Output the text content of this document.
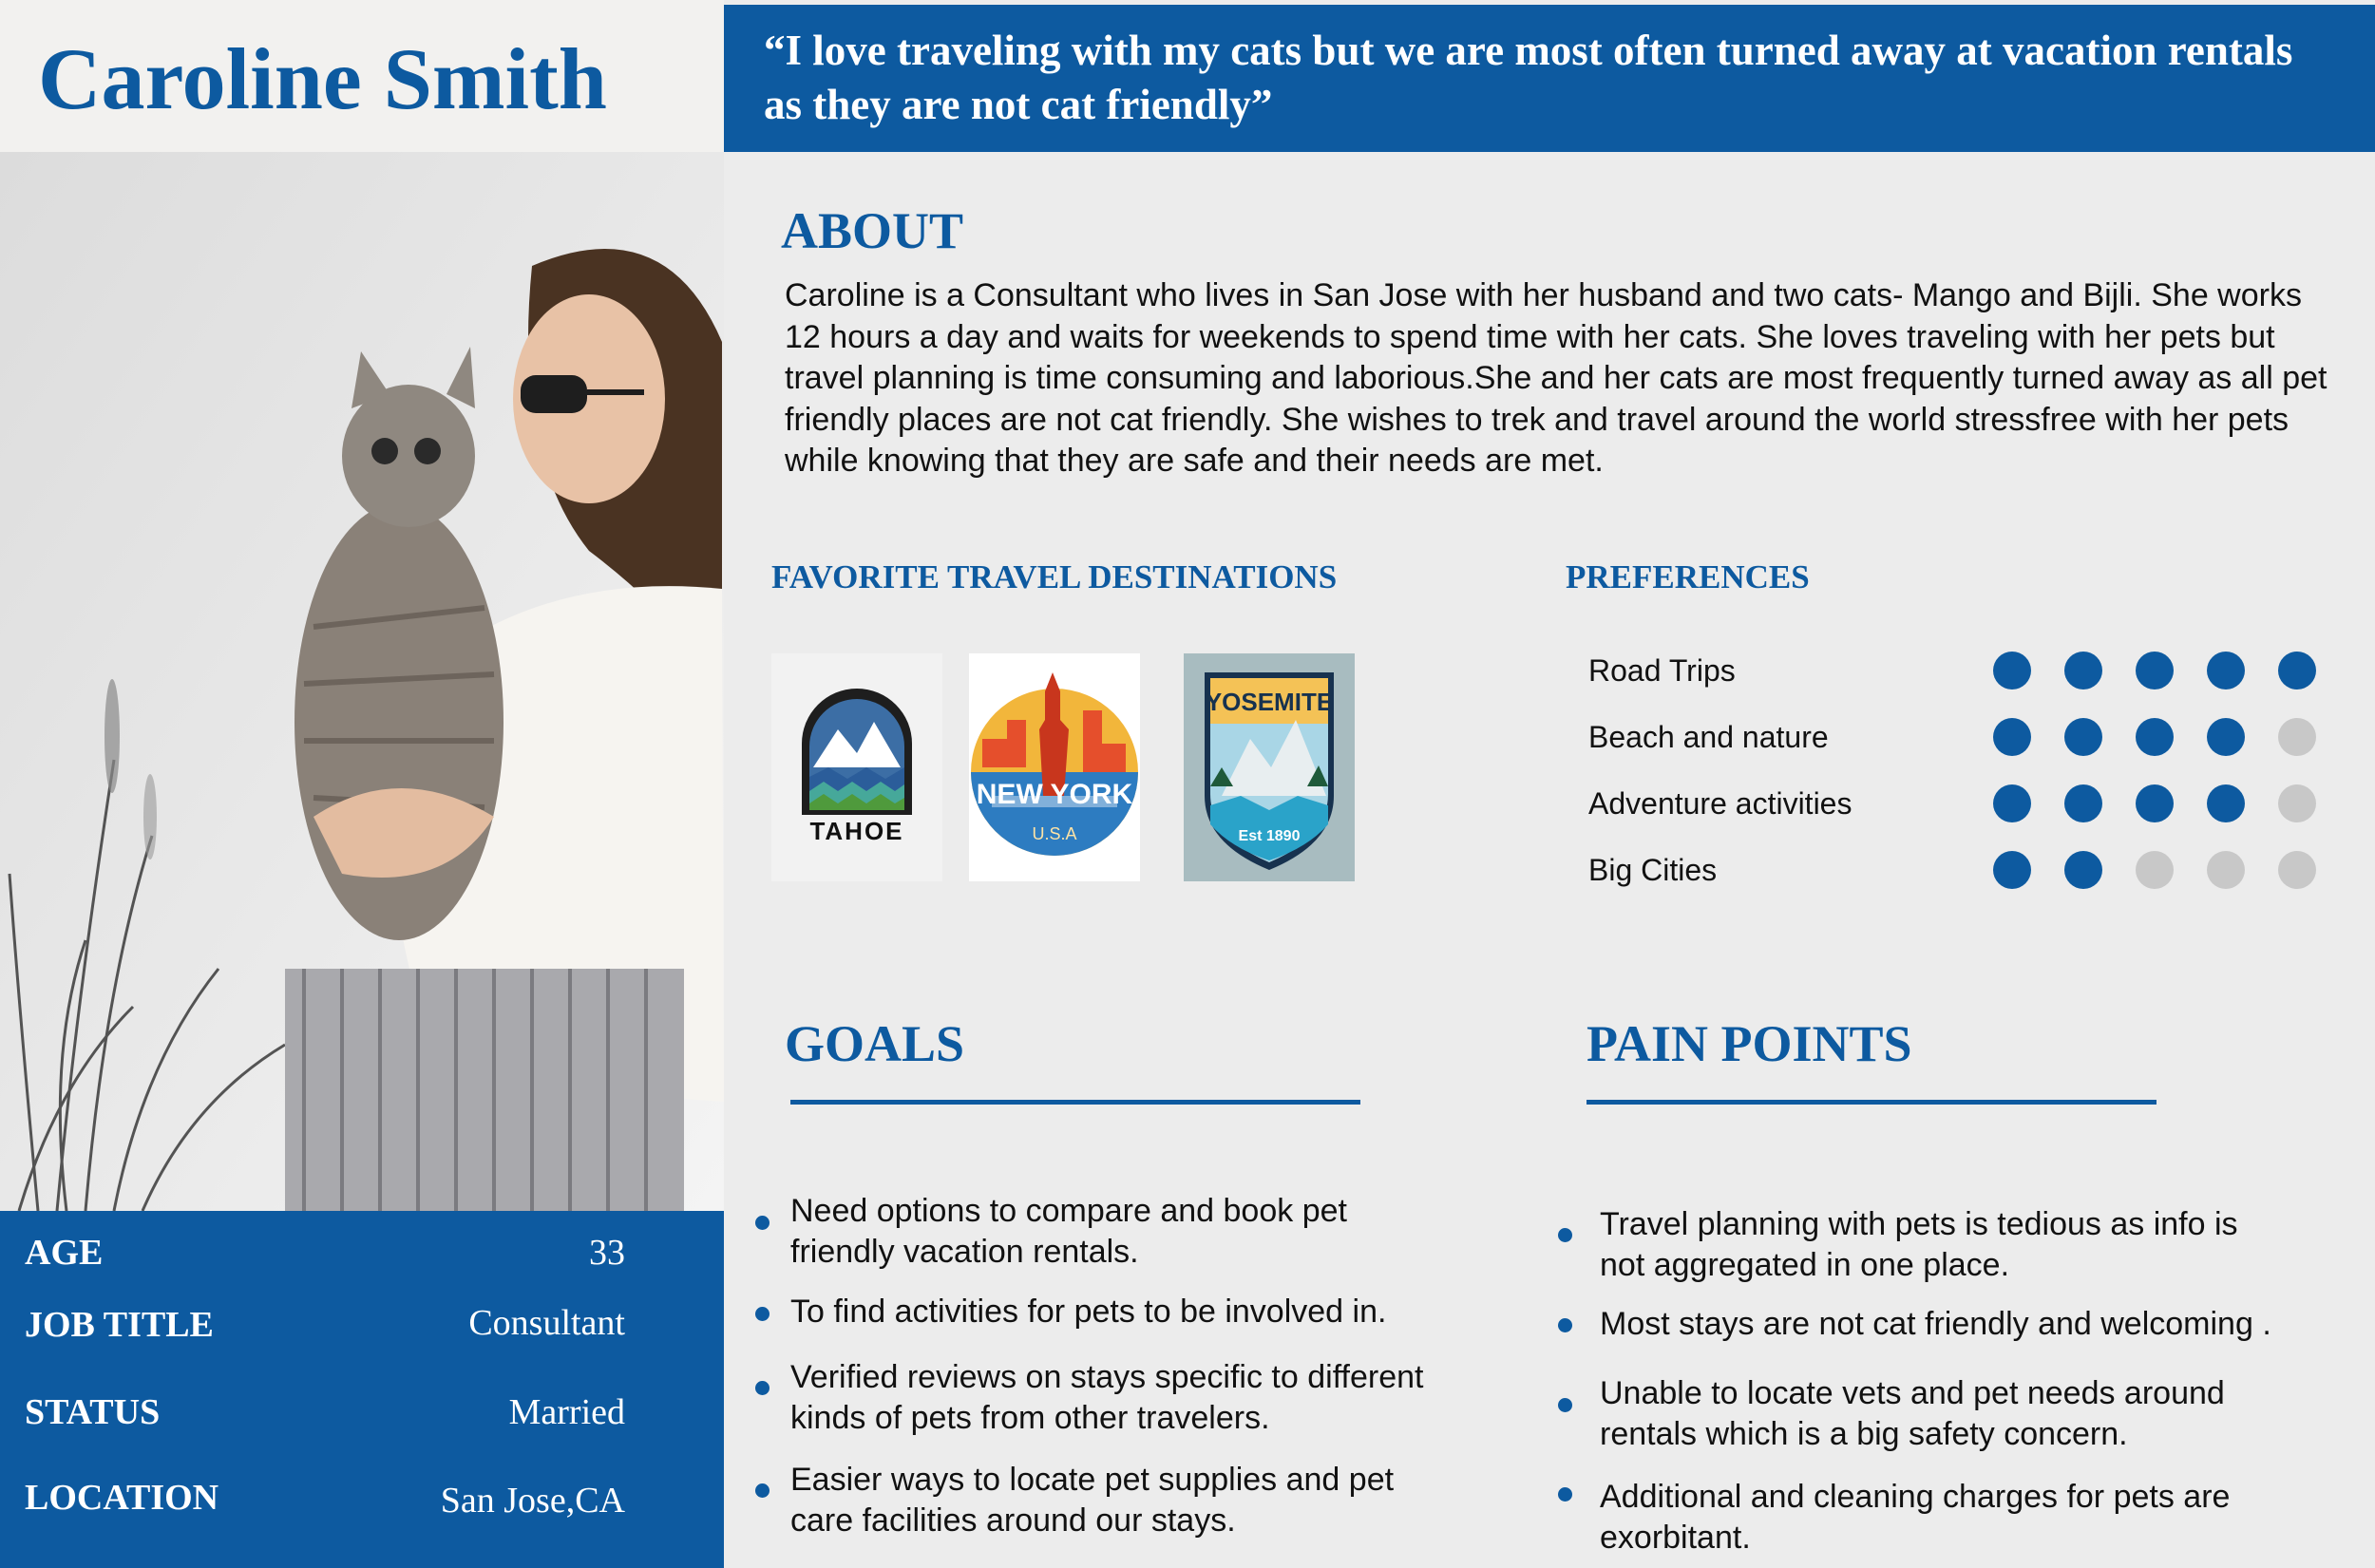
Caroline Smith
AGE	33
JOB TITLE	Consultant
STATUS	Married
LOCATION	San Jose,CA
“I love traveling with my cats but we are most often turned away at vacation rentals as they are not cat friendly”
ABOUT
Caroline is a Consultant who lives in San Jose with her husband and two cats- Mango and Bijli. She works 12 hours a day and waits for weekends to spend time with her cats. She loves traveling with her pets but travel planning is time consuming and laborious.She and her cats are most frequently turned away as all pet friendly places are not cat friendly. She wishes to trek and travel around the world stressfree with her pets while knowing that they are safe and their needs are met.
FAVORITE TRAVEL DESTINATIONS
TAHOE
NEW YORK
U.S.A
YOSEMITE
Est 1890
PREFERENCES
Road Trips
Beach and nature
Adventure activities
Big Cities
GOALS
Need options to compare and book pet friendly vacation rentals.
To find activities for pets to be involved in.
Verified reviews on stays specific to different kinds of pets from other travelers.
Easier ways to locate pet supplies and pet care facilities around our stays.
PAIN POINTS
Travel planning with pets is tedious as info is not aggregated in one place.
Most stays are not cat friendly and welcoming .
Unable to locate vets and pet needs around rentals which is a big safety concern.
Additional and cleaning charges for pets are exorbitant.
